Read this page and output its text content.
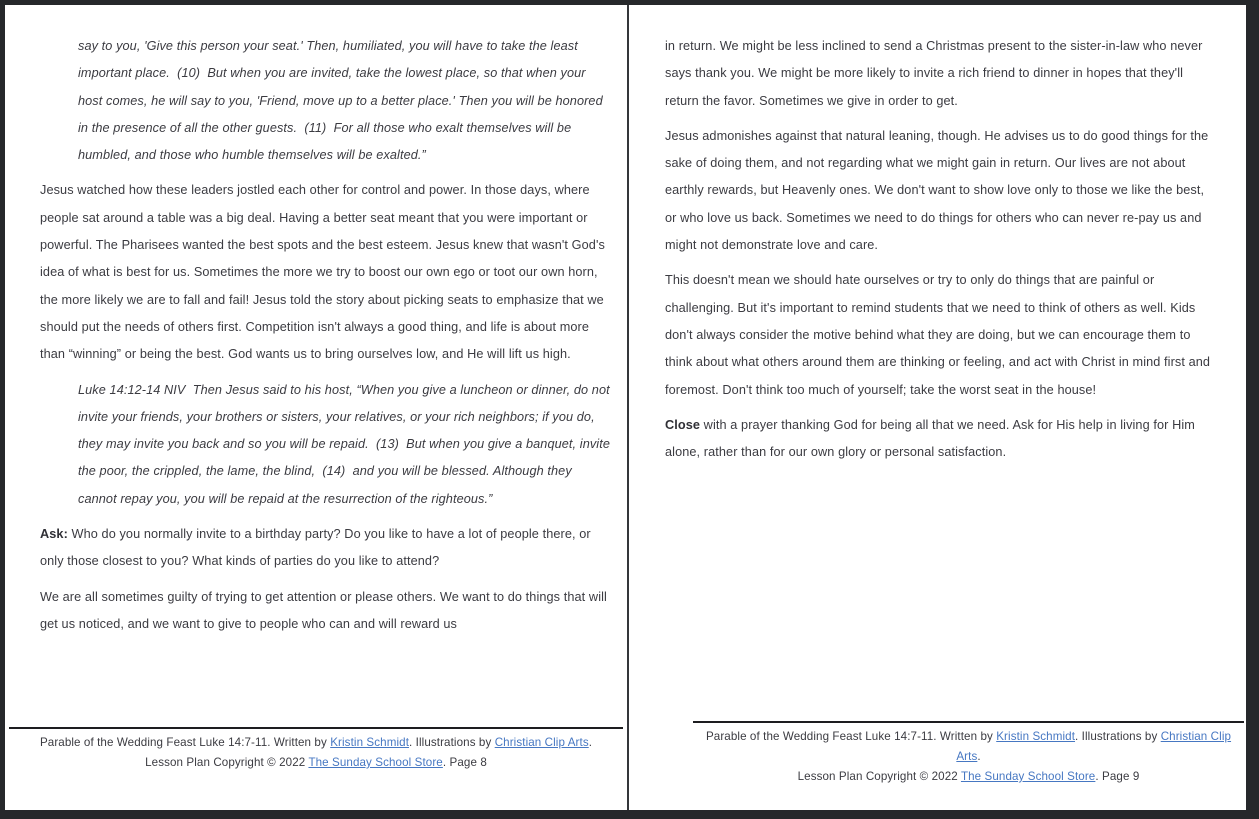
say to you, 'Give this person your seat.' Then, humiliated, you will have to take the least important place.  (10)  But when you are invited, take the lowest place, so that when your host comes, he will say to you, 'Friend, move up to a better place.' Then you will be honored in the presence of all the other guests.  (11)  For all those who exalt themselves will be humbled, and those who humble themselves will be exalted.”

Jesus watched how these leaders jostled each other for control and power. In those days, where people sat around a table was a big deal. Having a better seat meant that you were important or powerful. The Pharisees wanted the best spots and the best esteem. Jesus knew that wasn't God's idea of what is best for us. Sometimes the more we try to boost our own ego or toot our own horn, the more likely we are to fall and fail! Jesus told the story about picking seats to emphasize that we should put the needs of others first. Competition isn't always a good thing, and life is about more than “winning” or being the best. God wants us to bring ourselves low, and He will lift us high.

Luke 14:12-14 NIV  Then Jesus said to his host, “When you give a luncheon or dinner, do not invite your friends, your brothers or sisters, your relatives, or your rich neighbors; if you do, they may invite you back and so you will be repaid.  (13)  But when you give a banquet, invite the poor, the crippled, the lame, the blind,  (14)  and you will be blessed. Although they cannot repay you, you will be repaid at the resurrection of the righteous.”

Ask: Who do you normally invite to a birthday party? Do you like to have a lot of people there, or only those closest to you? What kinds of parties do you like to attend?

We are all sometimes guilty of trying to get attention or please others. We want to do things that will get us noticed, and we want to give to people who can and will reward us

Parable of the Wedding Feast Luke 14:7-11. Written by Kristin Schmidt. Illustrations by Christian Clip Arts.
Lesson Plan Copyright © 2022 The Sunday School Store. Page 8

in return. We might be less inclined to send a Christmas present to the sister-in-law who never says thank you. We might be more likely to invite a rich friend to dinner in hopes that they'll return the favor. Sometimes we give in order to get.

Jesus admonishes against that natural leaning, though. He advises us to do good things for the sake of doing them, and not regarding what we might gain in return. Our lives are not about earthly rewards, but Heavenly ones. We don't want to show love only to those we like the best, or who love us back. Sometimes we need to do things for others who can never re-pay us and might not demonstrate love and care.

This doesn't mean we should hate ourselves or try to only do things that are painful or challenging. But it's important to remind students that we need to think of others as well. Kids don't always consider the motive behind what they are doing, but we can encourage them to think about what others around them are thinking or feeling, and act with Christ in mind first and foremost. Don't think too much of yourself; take the worst seat in the house!

Close with a prayer thanking God for being all that we need. Ask for His help in living for Him alone, rather than for our own glory or personal satisfaction.

Parable of the Wedding Feast Luke 14:7-11. Written by Kristin Schmidt. Illustrations by Christian Clip Arts.
Lesson Plan Copyright © 2022 The Sunday School Store. Page 9
